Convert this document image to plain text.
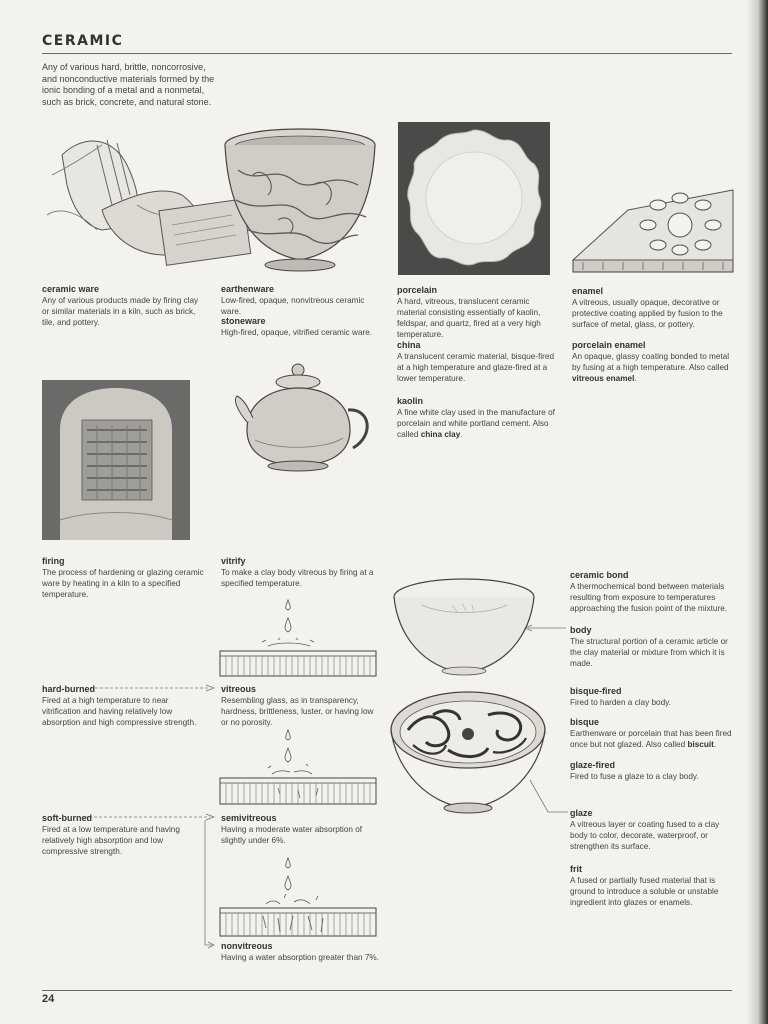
CERAMIC
Any of various hard, brittle, noncorrosive, and nonconductive materials formed by the ionic bonding of a metal and a nonmetal, such as brick, concrete, and natural stone.
ceramic ware
Any of various products made by firing clay or similar materials in a kiln, such as brick, tile, and pottery.
earthenware
Low-fired, opaque, nonvitreous ceramic ware.
stoneware
High-fired, opaque, vitrified ceramic ware.
porcelain
A hard, vitreous, translucent ceramic material consisting essentially of kaolin, feldspar, and quartz, fired at a very high temperature.
china
A translucent ceramic material, bisque-fired at a high temperature and glaze-fired at a lower temperature.
kaolin
A fine white clay used in the manufacture of porcelain and white portland cement. Also called china clay.
enamel
A vitreous, usually opaque, decorative or protective coating applied by fusion to the surface of metal, glass, or pottery.
porcelain enamel
An opaque, glassy coating bonded to metal by fusing at a high temperature. Also called vitreous enamel.
firing
The process of hardening or glazing ceramic ware by heating in a kiln to a specified temperature.
vitrify
To make a clay body vitreous by firing at a specified temperature.
hard-burned
Fired at a high temperature to near vitrification and having relatively low absorption and high compressive strength.
soft-burned
Fired at a low temperature and having relatively high absorption and low compressive strength.
vitreous
Resembling glass, as in transparency, hardness, brittleness, luster, or having low or no porosity.
semivitreous
Having a moderate water absorption of slightly under 6%.
nonvitreous
Having a water absorption greater than 7%.
ceramic bond
A thermochemical bond between materials resulting from exposure to temperatures approaching the fusion point of the mixture.
body
The structural portion of a ceramic article or the clay material or mixture from which it is made.
bisque-fired
Fired to harden a clay body.
bisque
Earthenware or porcelain that has been fired once but not glazed. Also called biscuit.
glaze-fired
Fired to fuse a glaze to a clay body.
glaze
A vitreous layer or coating fused to a clay body to color, decorate, waterproof, or strengthen its surface.
frit
A fused or partially fused material that is ground to introduce a soluble or unstable ingredient into glazes or enamels.
24
